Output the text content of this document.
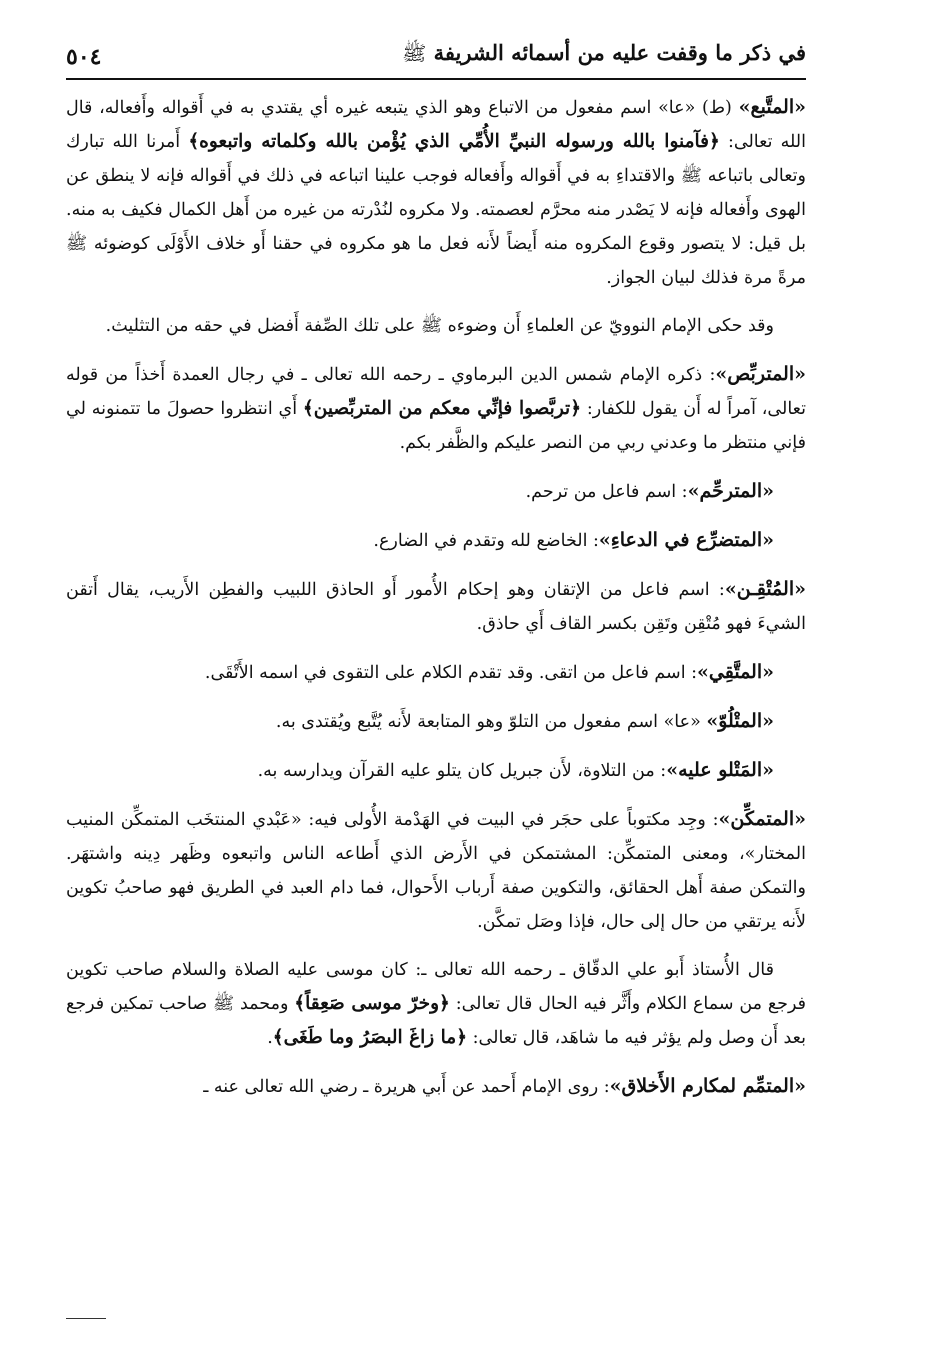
في ذكر ما وقفت عليه من أسمائه الشريفة ﷺ
٥٠٤

«المتَّبع» (ط) «عا» اسم مفعول من الاتباع وهو الذي يتبعه غيره أي يقتدي به في أَقواله وأَفعاله، قال الله تعالى: ﴿فآمنوا بالله ورسوله النبيِّ الأُمِّي الذي يُؤْمن بالله وكلماته واتبعوه﴾ أَمرنا الله تبارك وتعالى باتباعه ﷺ والاقتداءِ به في أَقواله وأَفعاله فوجب علينا اتباعه في ذلك في أَقواله فإنه لا ينطق عن الهوى وأَفعاله فإنه لا يَصْدر منه محرَّم لعصمته. ولا مكروه لنُدْرته من غيره من أَهل الكمال فكيف به منه. بل قيل: لا يتصور وقوع المكروه منه أَيضاً لأَنه فعل ما هو مكروه في حقنا أَو خلاف الأَوْلَى كوضوئه ﷺ مرةً مرة فذلك لبيان الجواز.

وقد حكى الإمام النوويّ عن العلماءِ أَن وضوءه ﷺ على تلك الصِّفة أَفضل في حقه من التثليث.

«المتربِّص»: ذكره الإمام شمس الدين البرماوي ـ رحمه الله تعالى ـ في رجال العمدة أَخذاً من قوله تعالى، آمراً له أَن يقول للكفار: ﴿تربَّصوا فإنِّي معكم من المتربِّصين﴾ أَي انتظروا حصولَ ما تتمنونه لي فإني منتظر ما وعدني ربي من النصر عليكم والظَّفر بكم.

«المترحِّم»: اسم فاعل من ترحم.

«المتضرِّع في الدعاءِ»: الخاضع لله وتقدم في الضارع.

«المُتْقِـن»: اسم فاعل من الإتقان وهو إحكام الأُمور أَو الحاذق اللبيب والفطِن الأَريب، يقال أَتقن الشيءَ فهو مُتْقِن وتَقِن بكسر القاف أَي حاذق.

«المتَّقِي»: اسم فاعل من اتقى. وقد تقدم الكلام على التقوى في اسمه الأَتْقَى.

«المتْلُوّ» «عا» اسم مفعول من التلوّ وهو المتابعة لأَنه يُتَّبع ويُقتدى به.

«المَتْلو عليه»: من التلاوة، لأَن جبريل كان يتلو عليه القرآن ويدارسه به.

«المتمكِّن»: وجِد مكتوباً على حجَر في البيت في الهَدْمة الأُولى فيه: «عَبْدي المنتخَب المتمكِّن المنيب المختار»، ومعنى المتمكِّن: المشتمكن في الأَرض الذي أَطاعه الناس واتبعوه وظَهر دِينه واشتهَر. والتمكن صفة أَهل الحقائق، والتكوين صفة أَرباب الأَحوال، فما دام العبد في الطريق فهو صاحبُ تكوين لأَنه يرتقي من حال إلى حال، فإذا وصَل تمكَّن.

قال الأُستاذ أَبو علي الدقّاق ـ رحمه الله تعالى ـ: كان موسى عليه الصلاة والسلام صاحب تكوين فرجع من سماع الكلام وأَثَّر فيه الحال قال تعالى: ﴿وخرّ موسى صَعِقاً﴾ ومحمد ﷺ صاحب تمكين فرجع بعد أَن وصل ولم يؤثر فيه ما شاهَد، قال تعالى: ﴿ما زاغَ البصَرُ وما طَغَى﴾.

«المتمِّم لمكارم الأَخلاق»: روى الإمام أَحمد عن أَبي هريرة ـ رضي الله تعالى عنه ـ
